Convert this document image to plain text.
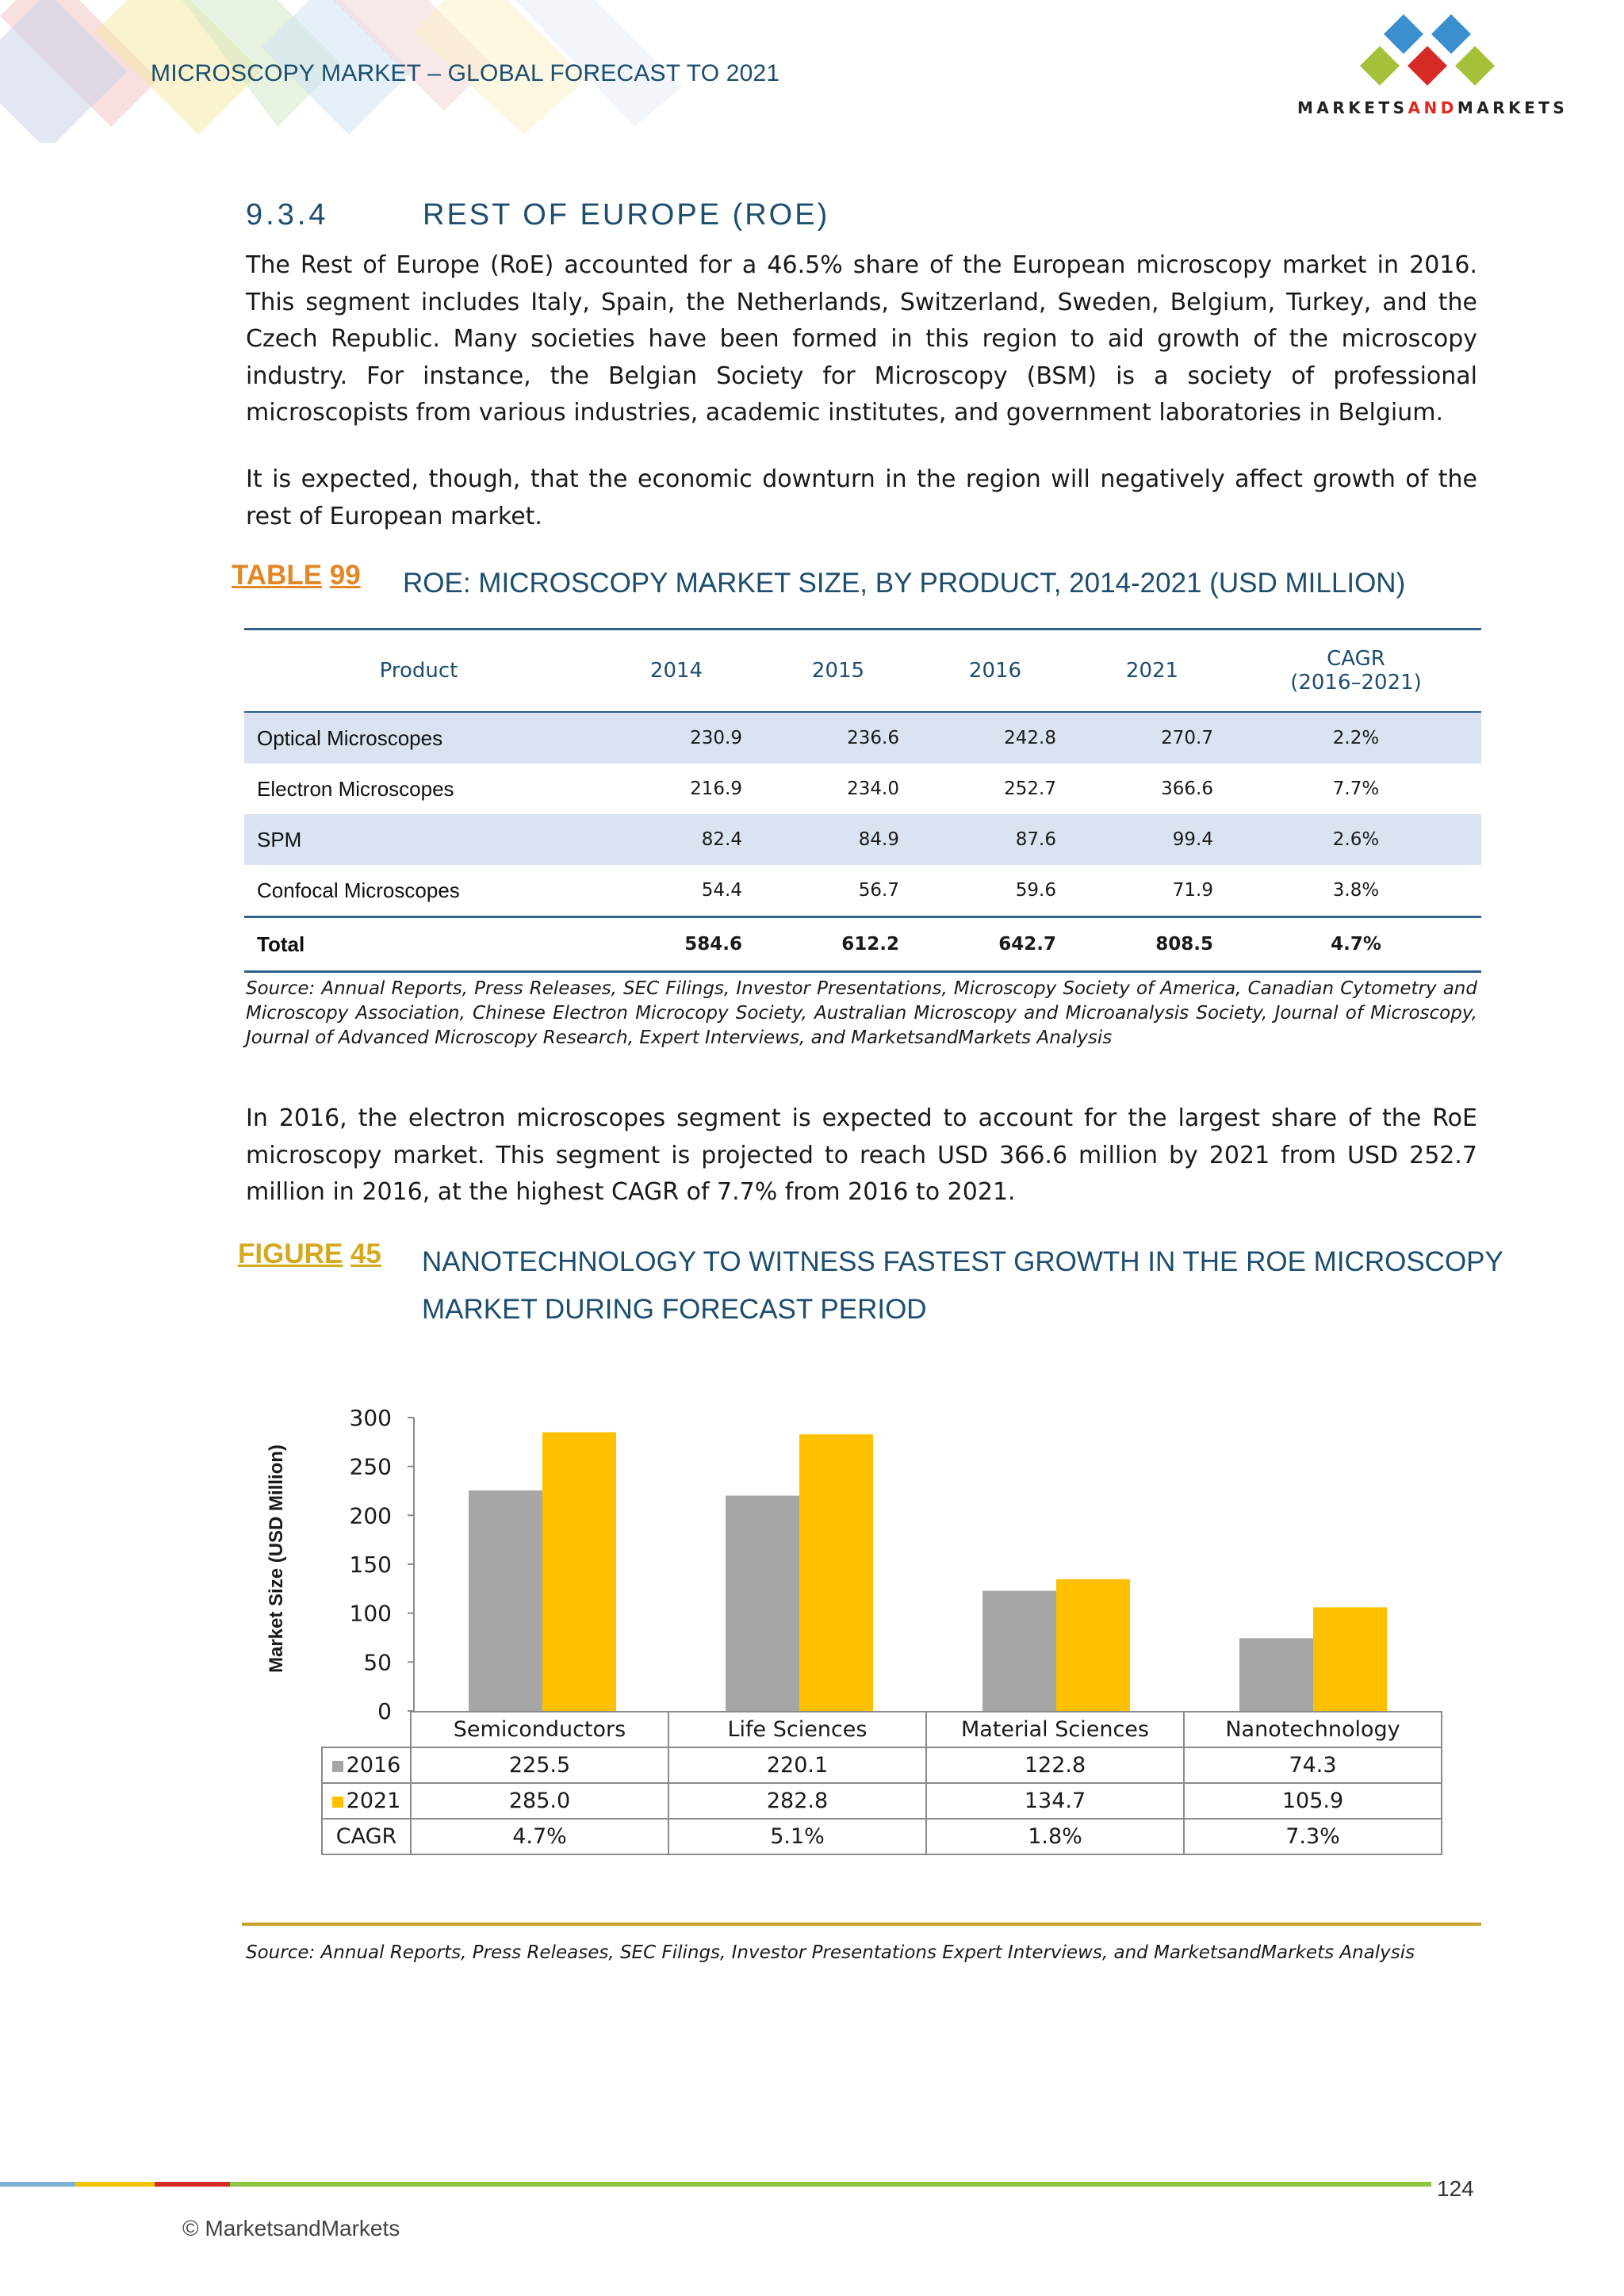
MICROSCOPY MARKET – GLOBAL FORECAST TO 2021
MARKETSANDMARKETS
9.3.4	REST OF EUROPE (ROE)
The Rest of Europe (RoE) accounted for a 46.5% share of the European microscopy market in 2016. This segment includes Italy, Spain, the Netherlands, Switzerland, Sweden, Belgium, Turkey, and the Czech Republic. Many societies have been formed in this region to aid growth of the microscopy industry. For instance, the Belgian Society for Microscopy (BSM) is a society of professional microscopists from various industries, academic institutes, and government laboratories in Belgium.
It is expected, though, that the economic downturn in the region will negatively affect growth of the rest of European market.
TABLE 99 ROE: MICROSCOPY MARKET SIZE, BY PRODUCT, 2014-2021 (USD MILLION)
Product	2014	2015	2016	2021	CAGR
(2016–2021)
Optical Microscopes	230.9	236.6	242.8	270.7	2.2%
Electron Microscopes	216.9	234.0	252.7	366.6	7.7%
SPM	82.4	84.9	87.6	99.4	2.6%
Confocal Microscopes	54.4	56.7	59.6	71.9	3.8%
Total	584.6	612.2	642.7	808.5	4.7%
Source: Annual Reports, Press Releases, SEC Filings, Investor Presentations, Microscopy Society of America, Canadian Cytometry and Microscopy Association, Chinese Electron Microcopy Society, Australian Microscopy and Microanalysis Society, Journal of Microscopy, Journal of Advanced Microscopy Research, Expert Interviews, and MarketsandMarkets Analysis
In 2016, the electron microscopes segment is expected to account for the largest share of the RoE microscopy market. This segment is projected to reach USD 366.6 million by 2021 from USD 252.7 million in 2016, at the highest CAGR of 7.7% from 2016 to 2021.
FIGURE 45 NANOTECHNOLOGY TO WITNESS FASTEST GROWTH IN THE ROE MICROSCOPY
MARKET DURING FORECAST PERIOD
0
50
100
150
200
250
300
Market Size (USD Million)
	Semiconductors	Life Sciences	Material Sciences	Nanotechnology
2016	225.5	220.1	122.8	74.3
2021	285.0	282.8	134.7	105.9
CAGR	4.7%	5.1%	1.8%	7.3%
Source: Annual Reports, Press Releases, SEC Filings, Investor Presentations Expert Interviews, and MarketsandMarkets Analysis
124
© MarketsandMarkets
